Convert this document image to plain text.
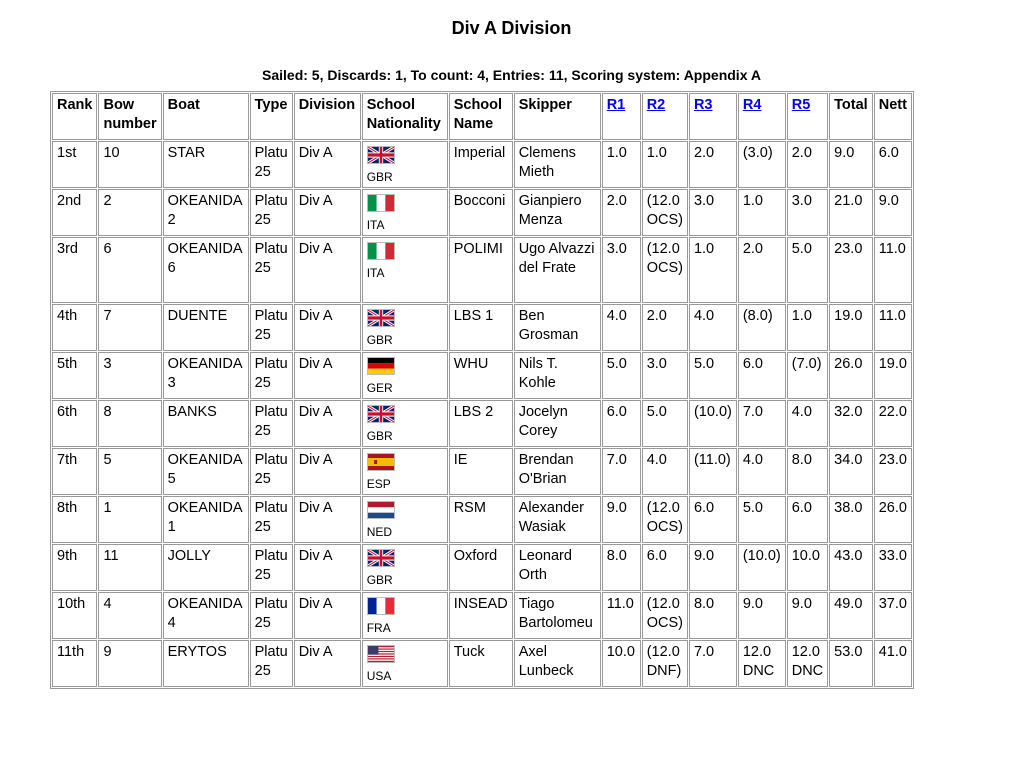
Div A Division
Sailed: 5, Discards: 1, To count: 4, Entries: 11, Scoring system: Appendix A
Rank	Bow number	Boat	Type	Division	School Nationality	School Name	Skipper	R1	R2	R3	R4	R5	Total	Nett
1st	10	STAR	Platu 25	Div A	GBR	Imperial	Clemens Mieth	1.0	1.0	2.0	(3.0)	2.0	9.0	6.0
2nd	2	OKEANIDA 2	Platu 25	Div A	ITA	Bocconi	Gianpiero Menza	2.0	(12.0 OCS)	3.0	1.0	3.0	21.0	9.0
3rd	6	OKEANIDA 6	Platu 25	Div A	ITA	POLIMI	Ugo Alvazzi del Frate	3.0	(12.0 OCS)	1.0	2.0	5.0	23.0	11.0
4th	7	DUENTE	Platu 25	Div A	GBR	LBS 1	Ben Grosman	4.0	2.0	4.0	(8.0)	1.0	19.0	11.0
5th	3	OKEANIDA 3	Platu 25	Div A	GER	WHU	Nils T. Kohle	5.0	3.0	5.0	6.0	(7.0)	26.0	19.0
6th	8	BANKS	Platu 25	Div A	GBR	LBS 2	Jocelyn Corey	6.0	5.0	(10.0)	7.0	4.0	32.0	22.0
7th	5	OKEANIDA 5	Platu 25	Div A	ESP	IE	Brendan O'Brian	7.0	4.0	(11.0)	4.0	8.0	34.0	23.0
8th	1	OKEANIDA 1	Platu 25	Div A	NED	RSM	Alexander Wasiak	9.0	(12.0 OCS)	6.0	5.0	6.0	38.0	26.0
9th	11	JOLLY	Platu 25	Div A	GBR	Oxford	Leonard Orth	8.0	6.0	9.0	(10.0)	10.0	43.0	33.0
10th	4	OKEANIDA 4	Platu 25	Div A	FRA	INSEAD	Tiago Bartolomeu	11.0	(12.0 OCS)	8.0	9.0	9.0	49.0	37.0
11th	9	ERYTOS	Platu 25	Div A	USA	Tuck	Axel Lunbeck	10.0	(12.0 DNF)	7.0	12.0 DNC	12.0 DNC	53.0	41.0
